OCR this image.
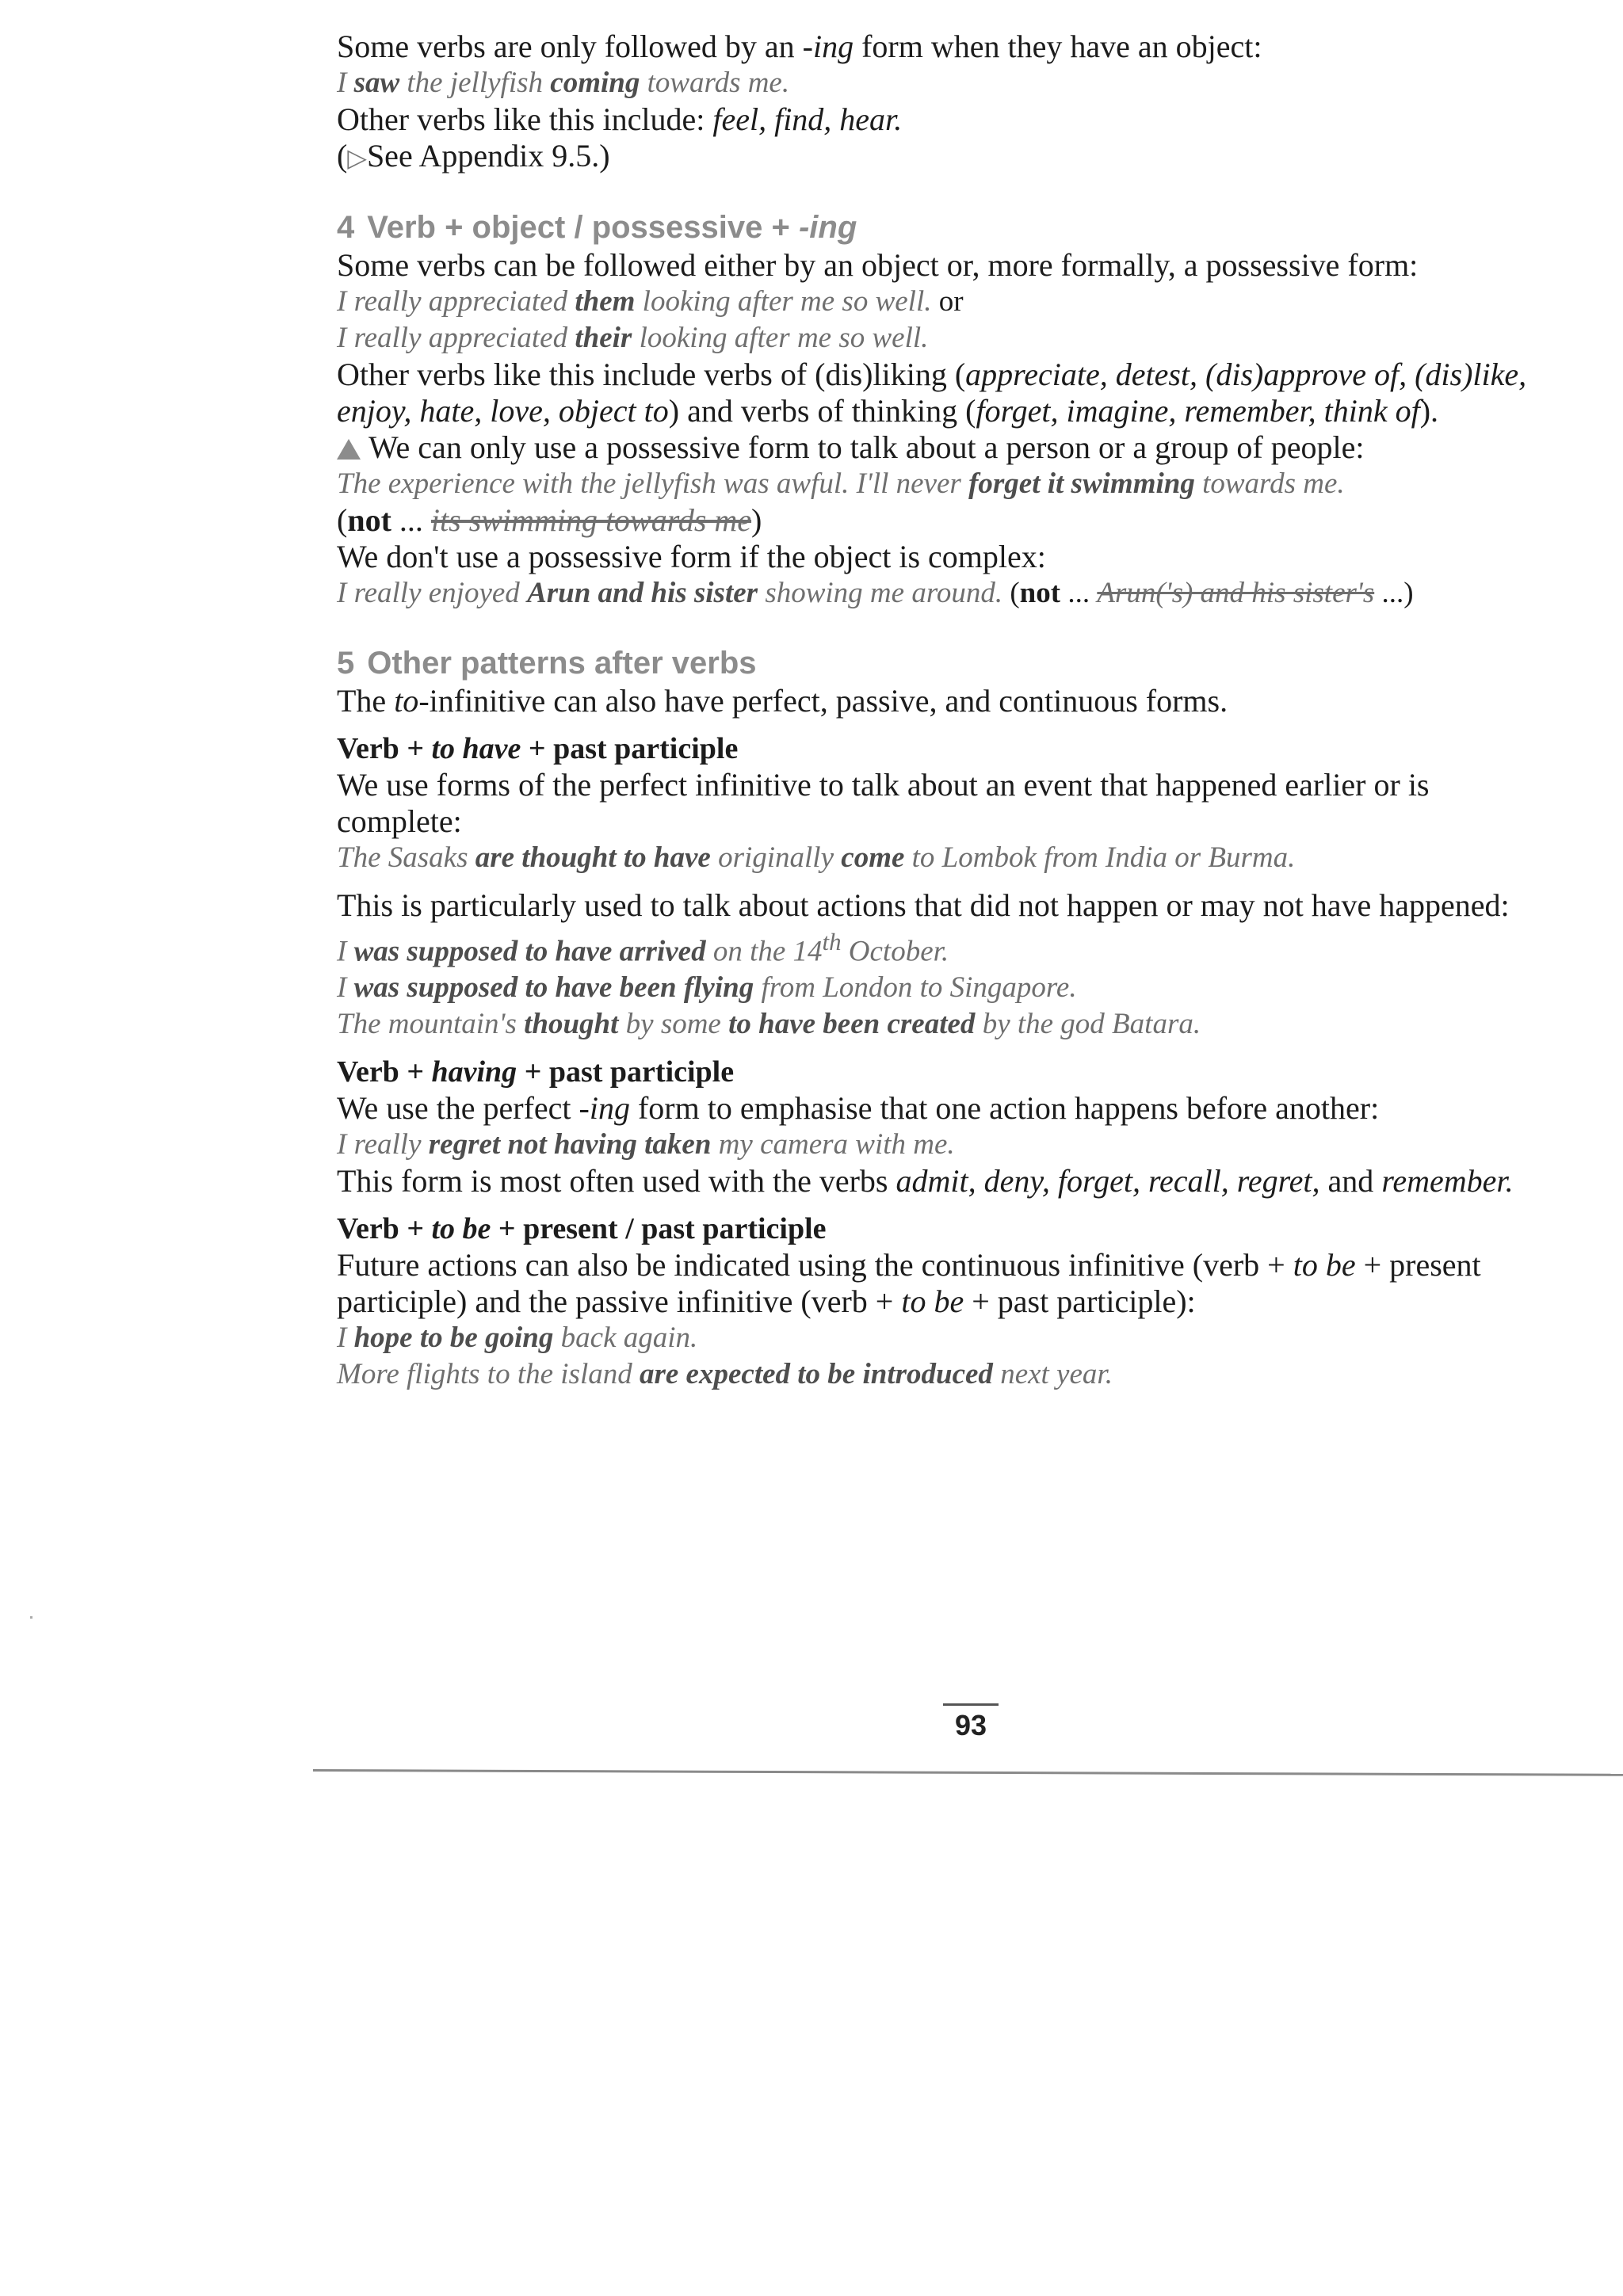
Some verbs are only followed by an -ing form when they have an object:

I saw the jellyfish coming towards me.

Other verbs like this include: feel, find, hear.

(▷See Appendix 9.5.)

4 Verb + object / possessive + -ing

Some verbs can be followed either by an object or, more formally, a possessive form:

I really appreciated them looking after me so well. or

I really appreciated their looking after me so well.

Other verbs like this include verbs of (dis)liking (appreciate, detest, (dis)approve of, (dis)like,

enjoy, hate, love, object to) and verbs of thinking (forget, imagine, remember, think of).

We can only use a possessive form to talk about a person or a group of people:

The experience with the jellyfish was awful. I'll never forget it swimming towards me.

(not ... its swimming towards me)

We don't use a possessive form if the object is complex:

I really enjoyed Arun and his sister showing me around. (not ... Arun('s) and his sister's ...)

5 Other patterns after verbs

The to-infinitive can also have perfect, passive, and continuous forms.

Verb + to have + past participle

We use forms of the perfect infinitive to talk about an event that happened earlier or is

complete:

The Sasaks are thought to have originally come to Lombok from India or Burma.

This is particularly used to talk about actions that did not happen or may not have happened:

I was supposed to have arrived on the 14th October.

I was supposed to have been flying from London to Singapore.

The mountain's thought by some to have been created by the god Batara.

Verb + having + past participle

We use the perfect -ing form to emphasise that one action happens before another:

I really regret not having taken my camera with me.

This form is most often used with the verbs admit, deny, forget, recall, regret, and remember.

Verb + to be + present / past participle

Future actions can also be indicated using the continuous infinitive (verb + to be + present

participle) and the passive infinitive (verb + to be + past participle):

I hope to be going back again.

More flights to the island are expected to be introduced next year.

93
